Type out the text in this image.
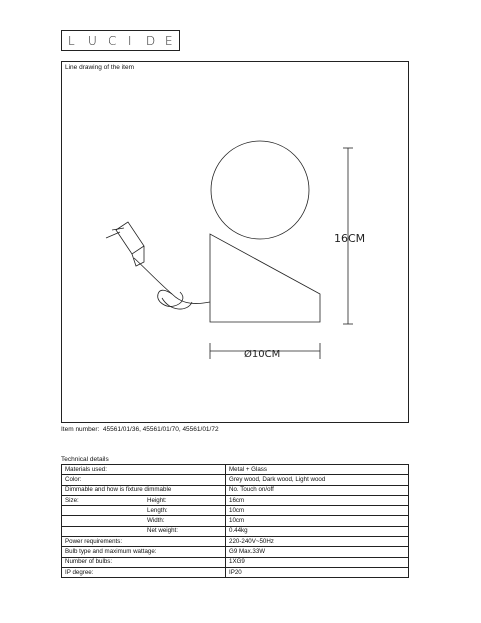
L U C I D E
Line drawing of the item
16CM
Ø10CM
Item number: 45561/01/36, 45561/01/70, 45561/01/72
Technical details
Materials used:	Metal + Glass
Color:	Grey wood, Dark wood, Light wood
Dimmable and how is fixture dimmable	No. Touch on/off

Size: Height:	16cm

Length:	10cm

Width:	10cm

Net weight:	0.44kg
Power requirements:	220-240V~50Hz
Bulb type and maximum wattage:	G9 Max.33W
Number of bulbs:	1XG9
IP degree:	IP20
